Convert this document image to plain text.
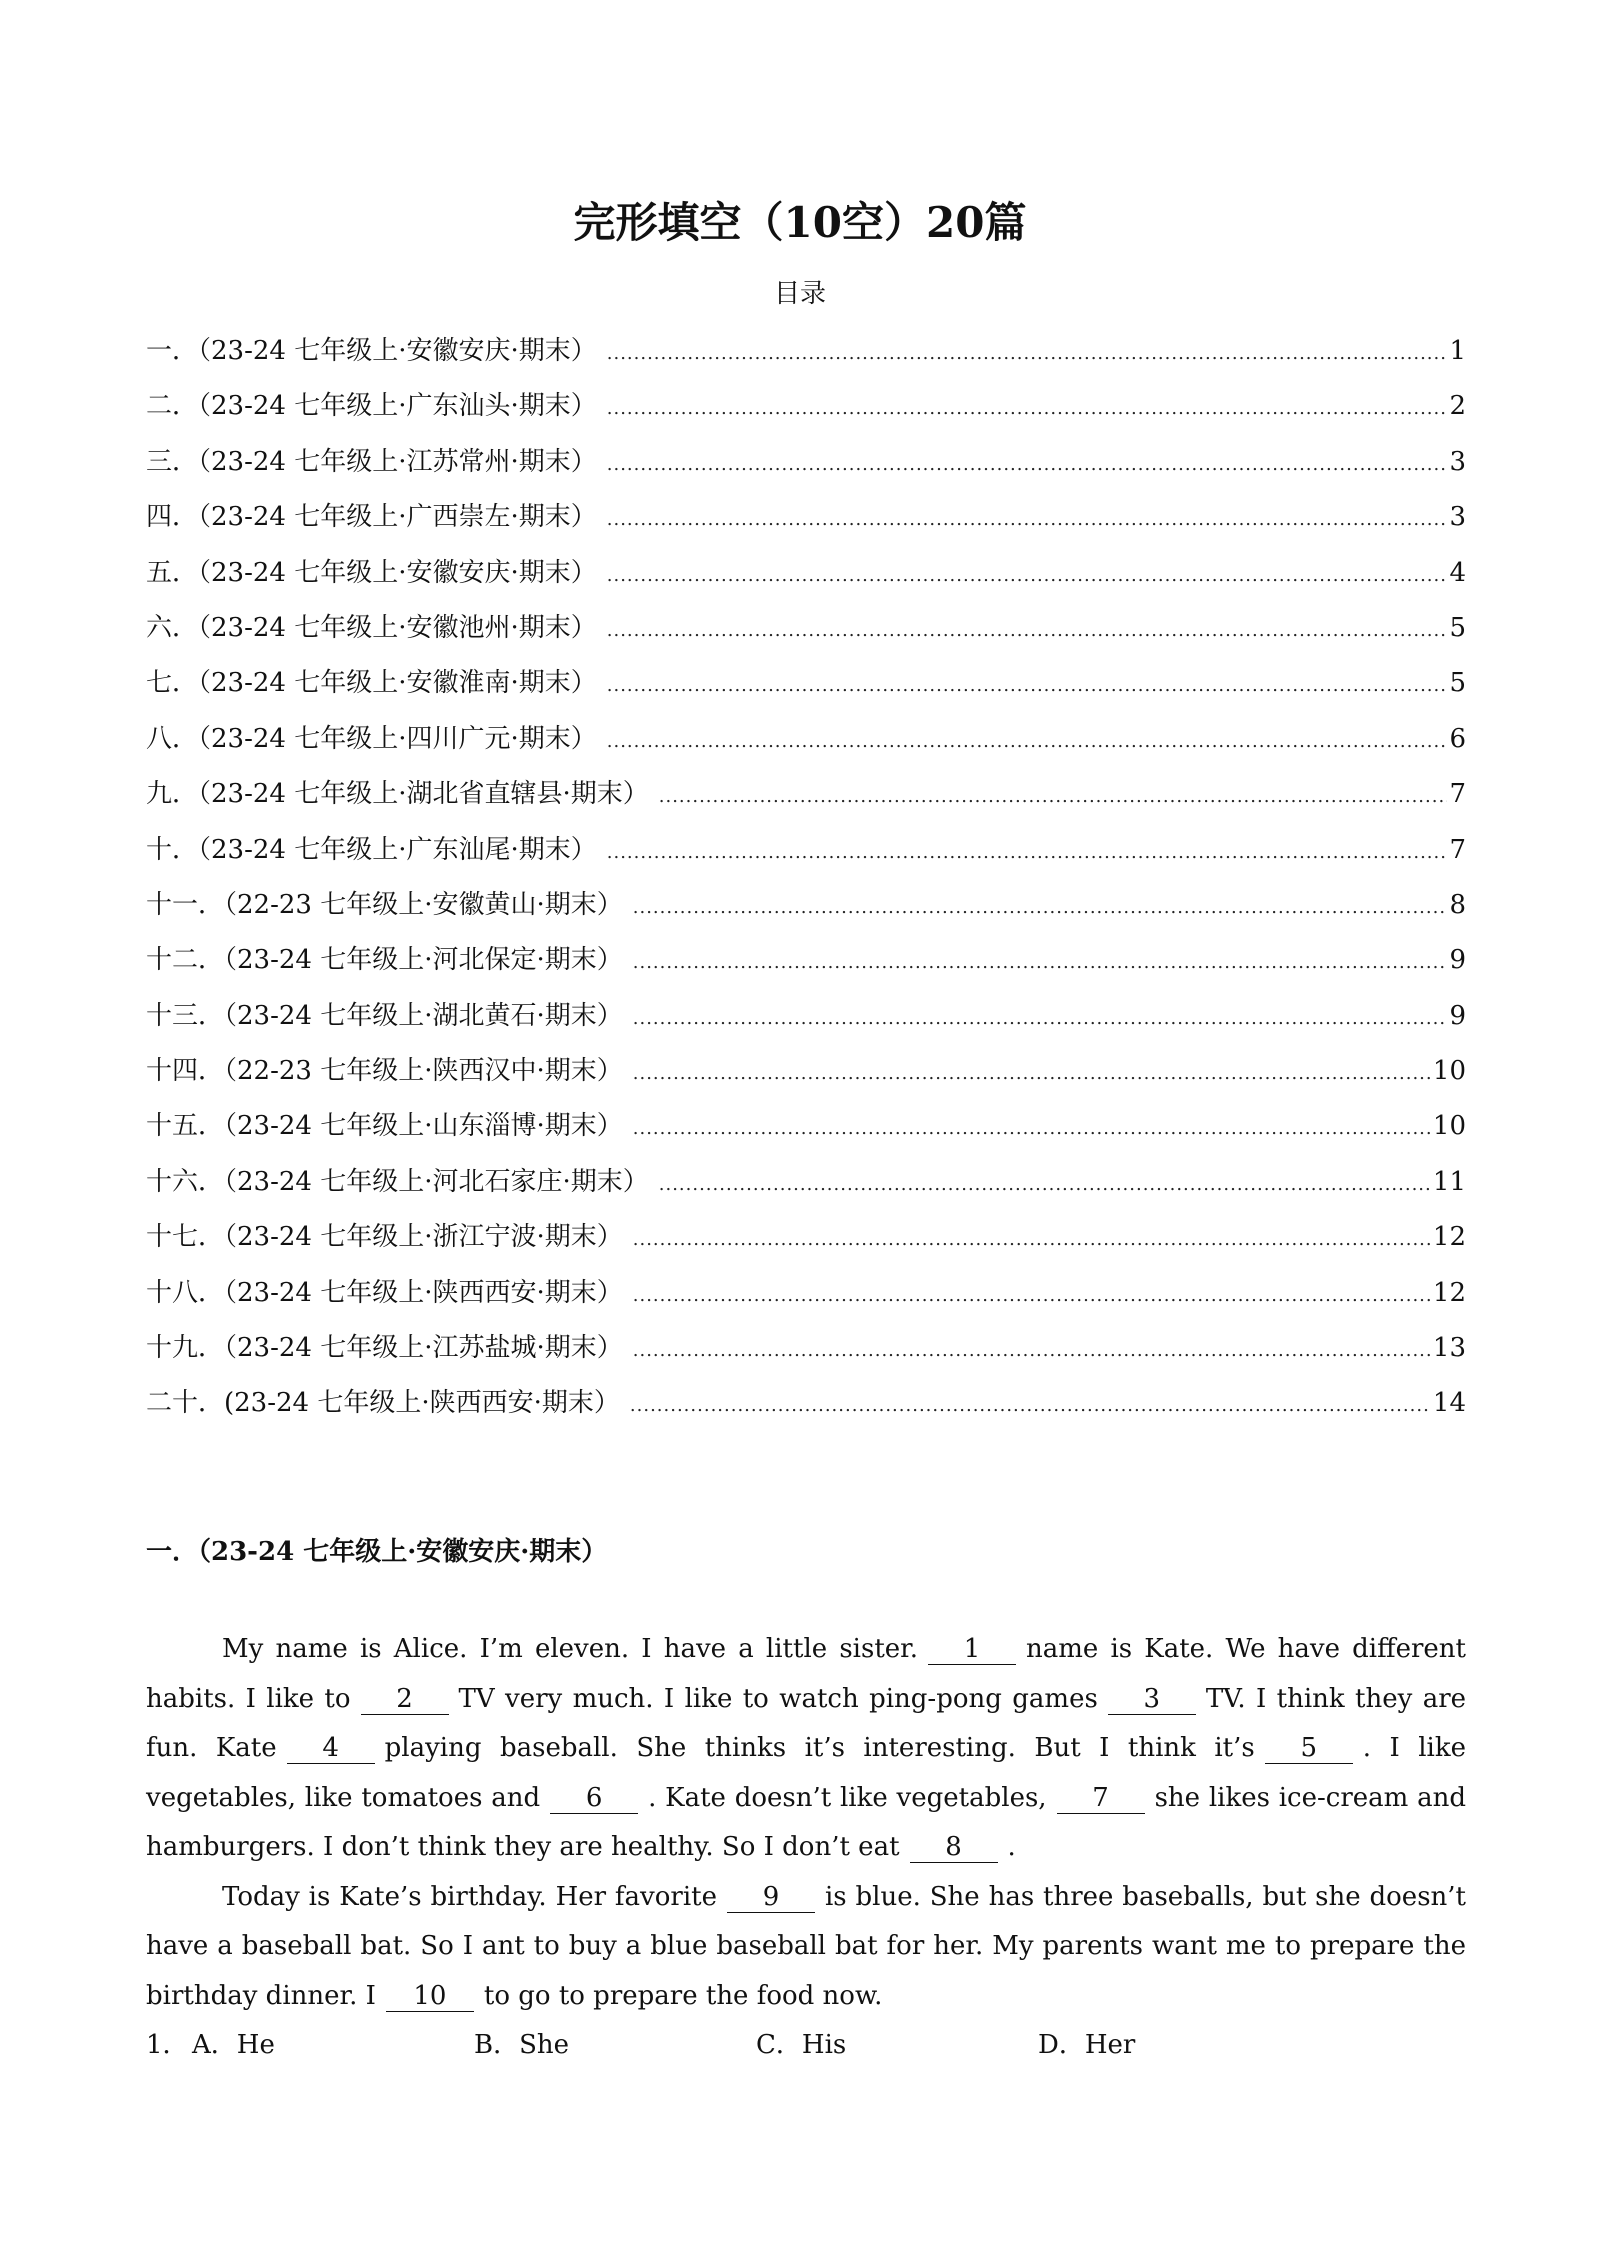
完形填空（10空）20篇
目录
一．（23-24 七年级上·安徽安庆·期末） .....	1
二．（23-24 七年级上·广东汕头·期末） .....	2
三．（23-24 七年级上·江苏常州·期末） .....	3
四．（23-24 七年级上·广西崇左·期末） .....	3
五．（23-24 七年级上·安徽安庆·期末） .....	4
六．（23-24 七年级上·安徽池州·期末） .....	5
七．（23-24 七年级上·安徽淮南·期末） .....	5
八．（23-24 七年级上·四川广元·期末） .....	6
九．（23-24 七年级上·湖北省直辖县·期末） .....	7
十．（23-24 七年级上·广东汕尾·期末） .....	7
十一．（22-23 七年级上·安徽黄山·期末） .....	8
十二．（23-24 七年级上·河北保定·期末） .....	9
十三．（23-24 七年级上·湖北黄石·期末） .....	9
十四．（22-23 七年级上·陕西汉中·期末） .....	10
十五．（23-24 七年级上·山东淄博·期末） .....	10
十六．（23-24 七年级上·河北石家庄·期末） .....	11
十七．（23-24 七年级上·浙江宁波·期末） .....	12
十八．（23-24 七年级上·陕西西安·期末） .....	12
十九．（23-24 七年级上·江苏盐城·期末） .....	13
二十．(23-24 七年级上·陕西西安·期末） .....	14
一．（23-24 七年级上·安徽安庆·期末）

My name is Alice. I’m eleven. I have a little sister. 1 name is Kate. We have different habits. I like to 2 TV very much. I like to watch ping-pong games 3 TV. I think they are fun. Kate 4 playing baseball. She thinks it’s interesting. But I think it’s 5 . I like vegetables, like tomatoes and 6 . Kate doesn’t like vegetables, 7 she likes ice-cream and hamburgers. I don’t think they are healthy. So I don’t eat 8 .

Today is Kate’s birthday. Her favorite 9 is blue. She has three baseballs, but she doesn’t have a baseball bat. So I ant to buy a blue baseball bat for her. My parents want me to prepare the birthday dinner. I 10 to go to prepare the food now.

1． A．He	B．She	C．His	D．Her
